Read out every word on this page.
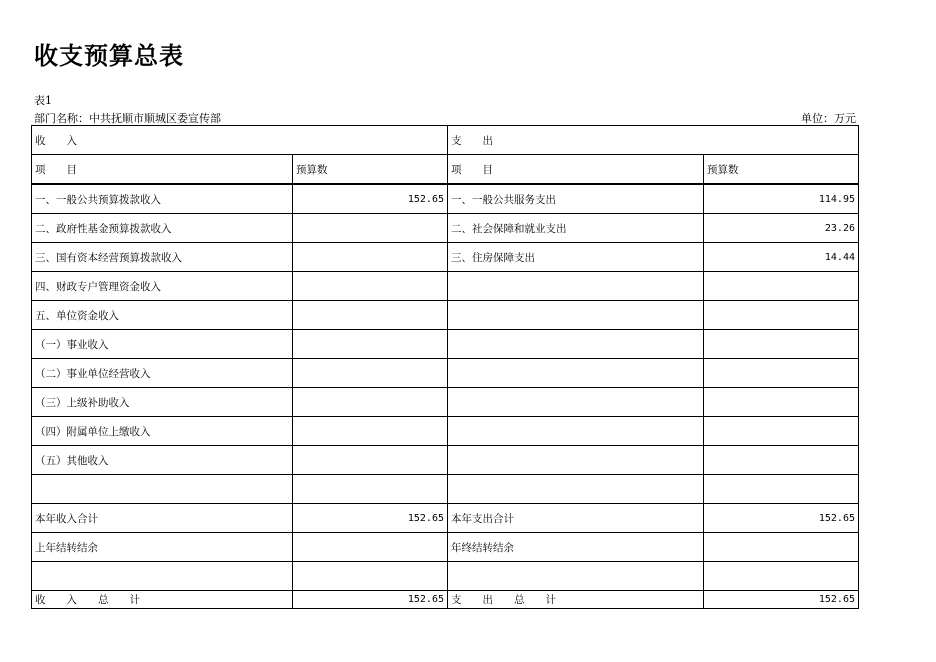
收支预算总表
表1
部门名称：中共抚顺市顺城区委宣传部	单位：万元
收　　入		支　　出	
项　　目	预算数	项　　目	预算数
一、一般公共预算拨款收入	152.65	一、一般公共服务支出	114.95
二、政府性基金预算拨款收入		二、社会保障和就业支出	23.26
三、国有资本经营预算拨款收入		三、住房保障支出	14.44
四、财政专户管理资金收入			
五、单位资金收入			
（一）事业收入			
（二）事业单位经营收入			
（三）上级补助收入			
（四）附属单位上缴收入			
（五）其他收入			

本年收入合计	152.65	本年支出合计	152.65
上年结转结余		年终结转结余	

收　　入　　总　　计	152.65	支　　出　　总　　计	152.65
